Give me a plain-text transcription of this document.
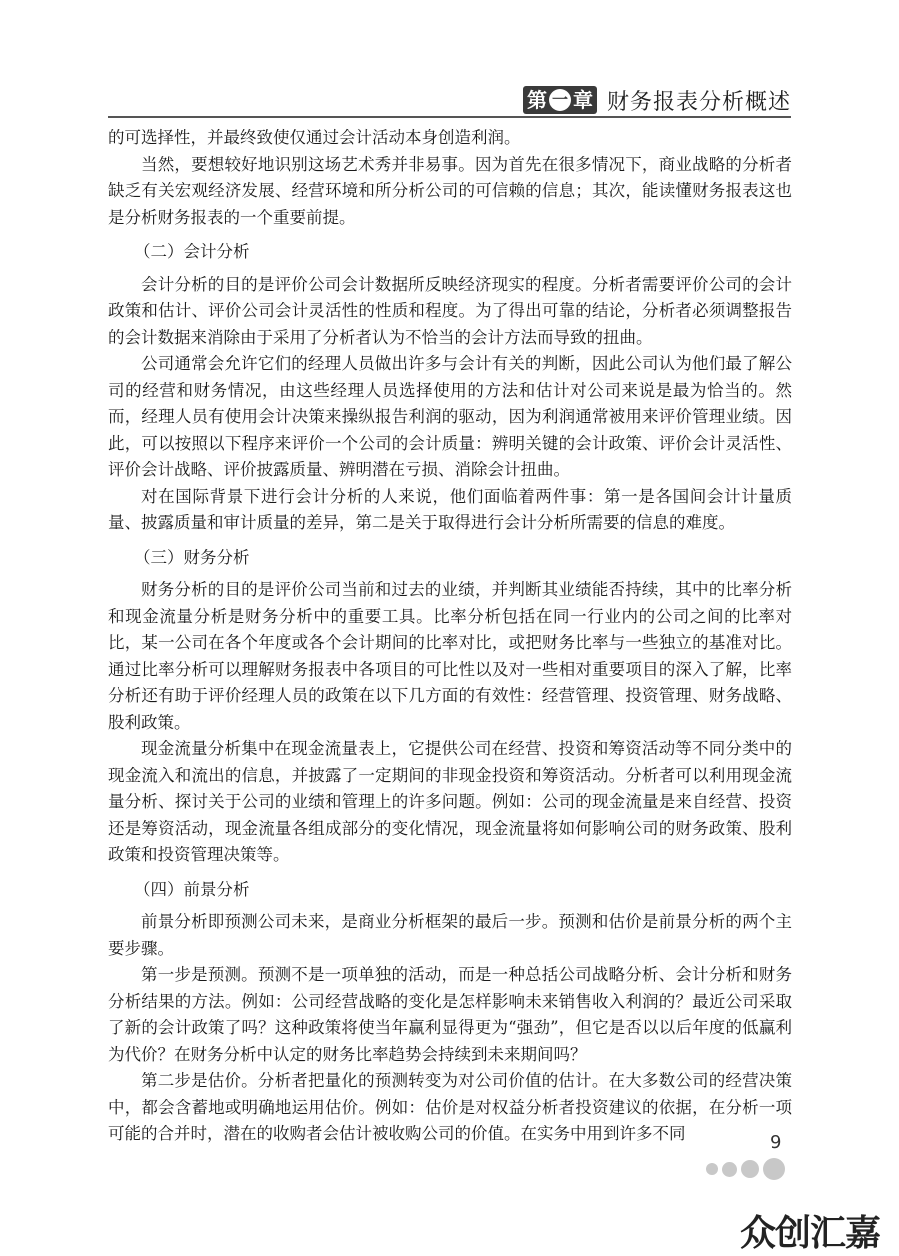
第 一 章 财务报表分析概述

的可选择性，并最终致使仅通过会计活动本身创造利润。

当然，要想较好地识别这场艺术秀并非易事。因为首先在很多情况下，商业战略的分析者缺乏有关宏观经济发展、经营环境和所分析公司的可信赖的信息；其次，能读懂财务报表这也是分析财务报表的一个重要前提。

（二）会计分析

会计分析的目的是评价公司会计数据所反映经济现实的程度。分析者需要评价公司的会计政策和估计、评价公司会计灵活性的性质和程度。为了得出可靠的结论，分析者必须调整报告的会计数据来消除由于采用了分析者认为不恰当的会计方法而导致的扭曲。

公司通常会允许它们的经理人员做出许多与会计有关的判断，因此公司认为他们最了解公司的经营和财务情况，由这些经理人员选择使用的方法和估计对公司来说是最为恰当的。然而，经理人员有使用会计决策来操纵报告利润的驱动，因为利润通常被用来评价管理业绩。因此，可以按照以下程序来评价一个公司的会计质量：辨明关键的会计政策、评价会计灵活性、评价会计战略、评价披露质量、辨明潜在亏损、消除会计扭曲。

对在国际背景下进行会计分析的人来说，他们面临着两件事：第一是各国间会计计量质量、披露质量和审计质量的差异，第二是关于取得进行会计分析所需要的信息的难度。

（三）财务分析

财务分析的目的是评价公司当前和过去的业绩，并判断其业绩能否持续，其中的比率分析和现金流量分析是财务分析中的重要工具。比率分析包括在同一行业内的公司之间的比率对比，某一公司在各个年度或各个会计期间的比率对比，或把财务比率与一些独立的基准对比。通过比率分析可以理解财务报表中各项目的可比性以及对一些相对重要项目的深入了解，比率分析还有助于评价经理人员的政策在以下几方面的有效性：经营管理、投资管理、财务战略、股利政策。

现金流量分析集中在现金流量表上，它提供公司在经营、投资和筹资活动等不同分类中的现金流入和流出的信息，并披露了一定期间的非现金投资和筹资活动。分析者可以利用现金流量分析、探讨关于公司的业绩和管理上的许多问题。例如：公司的现金流量是来自经营、投资还是筹资活动，现金流量各组成部分的变化情况，现金流量将如何影响公司的财务政策、股利政策和投资管理决策等。

（四）前景分析

前景分析即预测公司未来，是商业分析框架的最后一步。预测和估价是前景分析的两个主要步骤。

第一步是预测。预测不是一项单独的活动，而是一种总括公司战略分析、会计分析和财务分析结果的方法。例如：公司经营战略的变化是怎样影响未来销售收入利润的？最近公司采取了新的会计政策了吗？这种政策将使当年赢利显得更为“强劲”，但它是否以以后年度的低赢利为代价？在财务分析中认定的财务比率趋势会持续到未来期间吗？

第二步是估价。分析者把量化的预测转变为对公司价值的估计。在大多数公司的经营决策中，都会含蓄地或明确地运用估价。例如：估价是对权益分析者投资建议的依据，在分析一项可能的合并时，潜在的收购者会估计被收购公司的价值。在实务中用到许多不同	9
众创汇嘉
